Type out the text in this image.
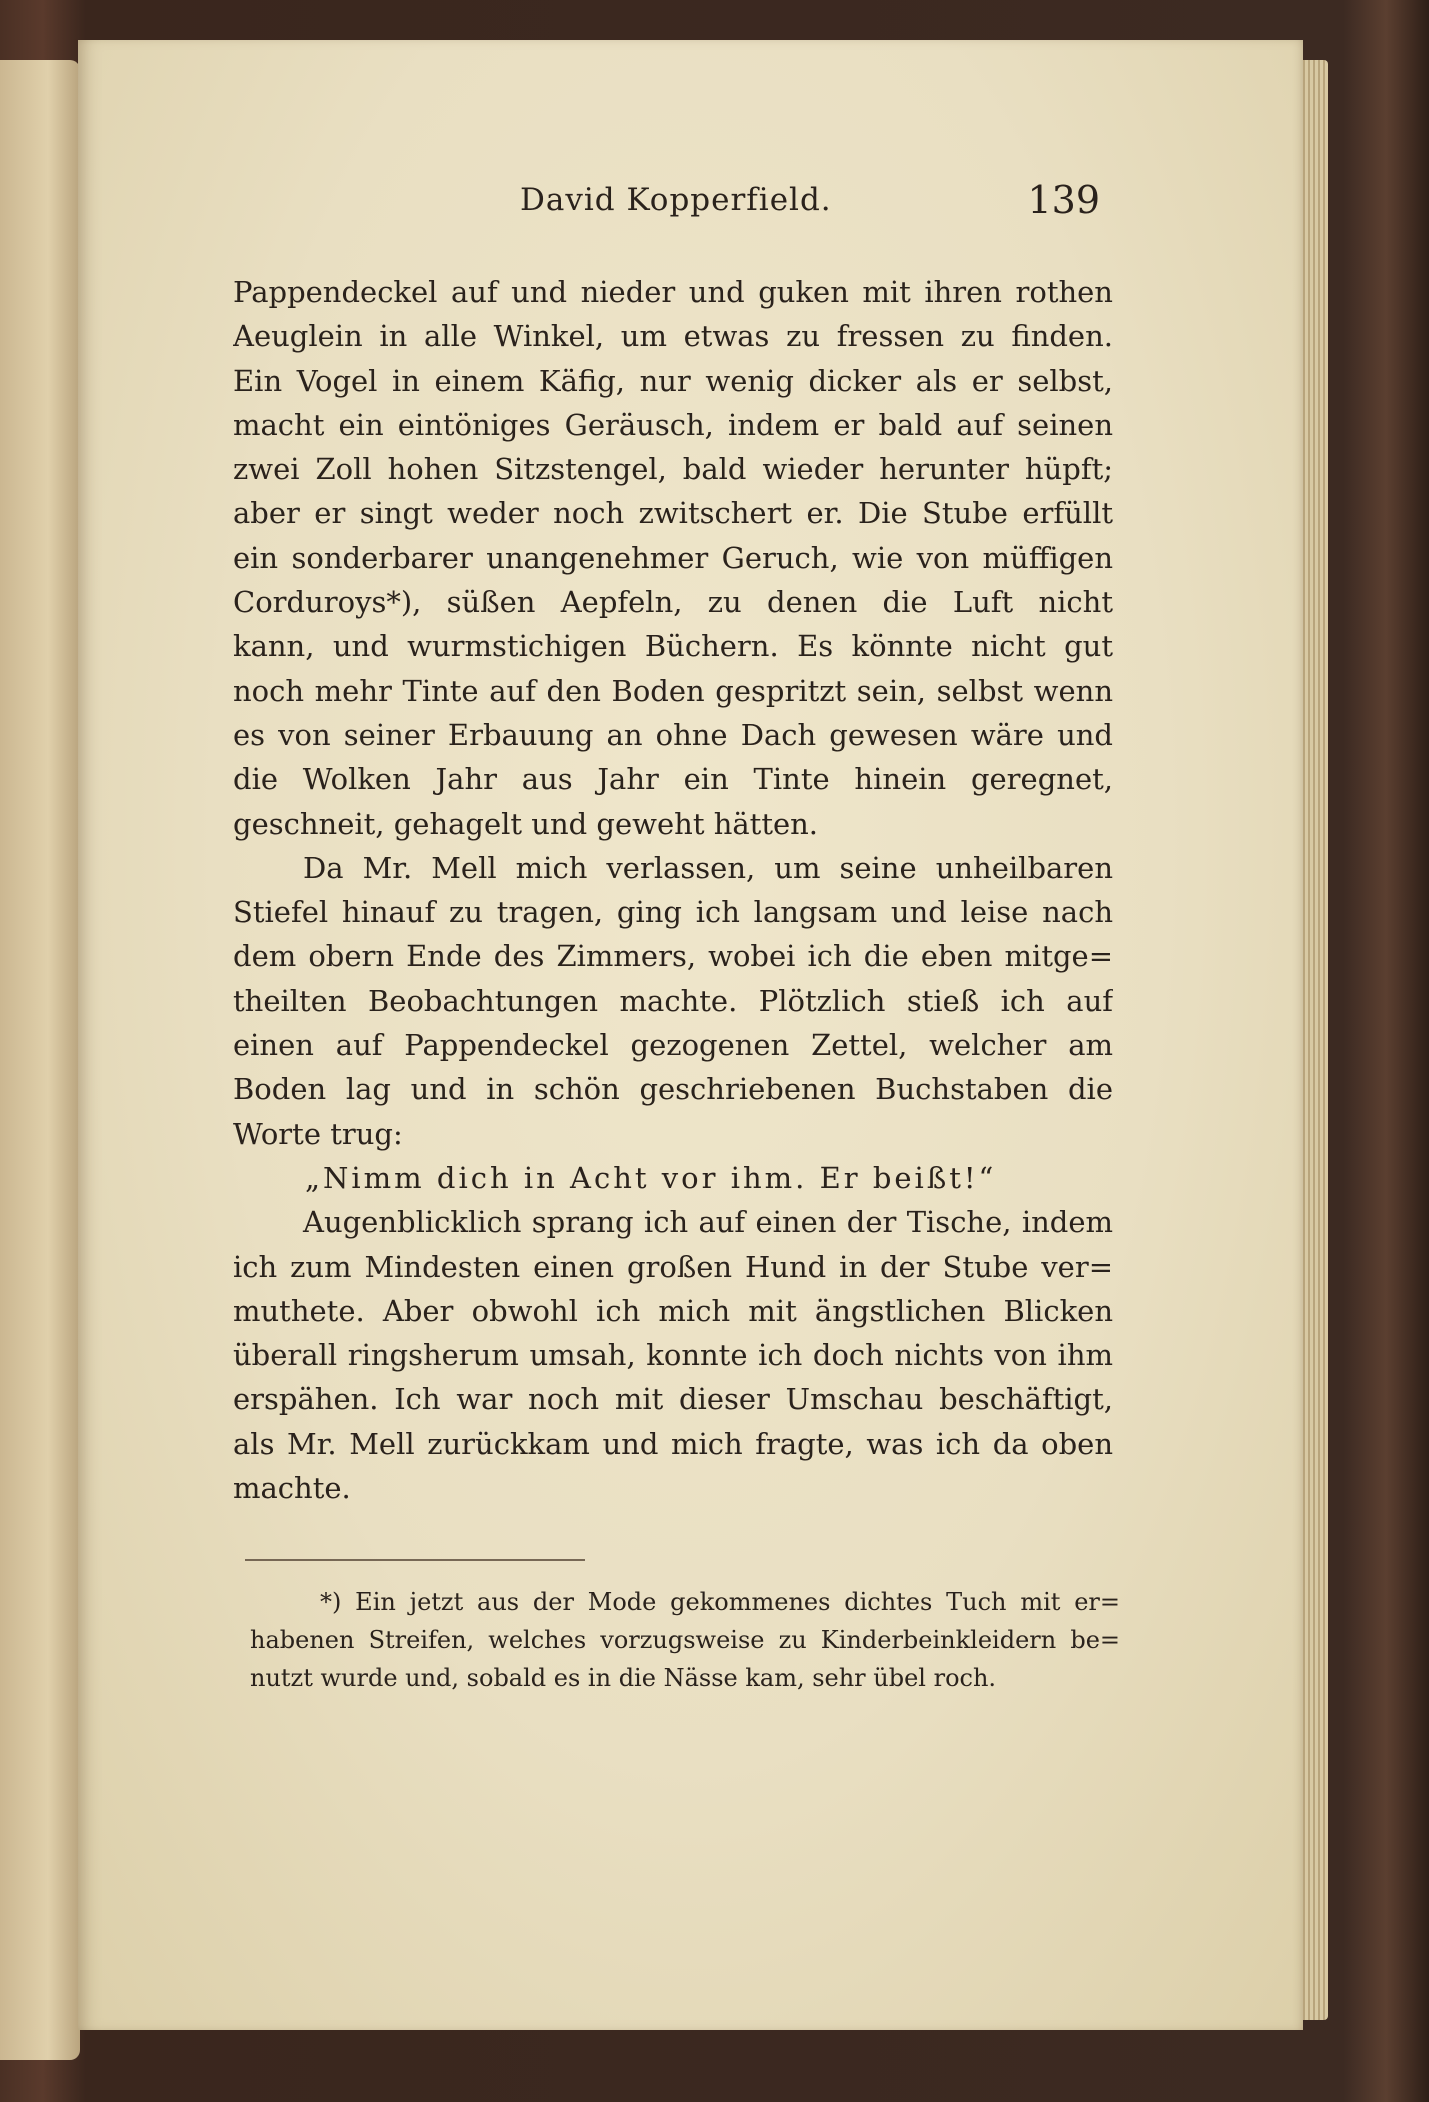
David Kopperfield.	139
Pappendeckel auf und nieder und guken mit ihren rothen
Aeuglein in alle Winkel, um etwas zu fressen zu finden.
Ein Vogel in einem Käfig, nur wenig dicker als er selbst,
macht ein eintöniges Geräusch, indem er bald auf seinen
zwei Zoll hohen Sitzstengel, bald wieder herunter hüpft;
aber er singt weder noch zwitschert er. Die Stube erfüllt
ein sonderbarer unangenehmer Geruch, wie von müffigen
Corduroys*), süßen Aepfeln, zu denen die Luft nicht
kann, und wurmstichigen Büchern. Es könnte nicht gut
noch mehr Tinte auf den Boden gespritzt sein, selbst wenn
es von seiner Erbauung an ohne Dach gewesen wäre und
die Wolken Jahr aus Jahr ein Tinte hinein geregnet,
geschneit, gehagelt und geweht hätten.
Da Mr. Mell mich verlassen, um seine unheilbaren
Stiefel hinauf zu tragen, ging ich langsam und leise nach
dem obern Ende des Zimmers, wobei ich die eben mitge=
theilten Beobachtungen machte. Plötzlich stieß ich auf
einen auf Pappendeckel gezogenen Zettel, welcher am
Boden lag und in schön geschriebenen Buchstaben die
Worte trug:
„Nimm dich in Acht vor ihm. Er beißt!“
Augenblicklich sprang ich auf einen der Tische, indem
ich zum Mindesten einen großen Hund in der Stube ver=
muthete. Aber obwohl ich mich mit ängstlichen Blicken
überall ringsherum umsah, konnte ich doch nichts von ihm
erspähen. Ich war noch mit dieser Umschau beschäftigt,
als Mr. Mell zurückkam und mich fragte, was ich da oben
machte.
*) Ein jetzt aus der Mode gekommenes dichtes Tuch mit er=
habenen Streifen, welches vorzugsweise zu Kinderbeinkleidern be=
nutzt wurde und, sobald es in die Nässe kam, sehr übel roch.
